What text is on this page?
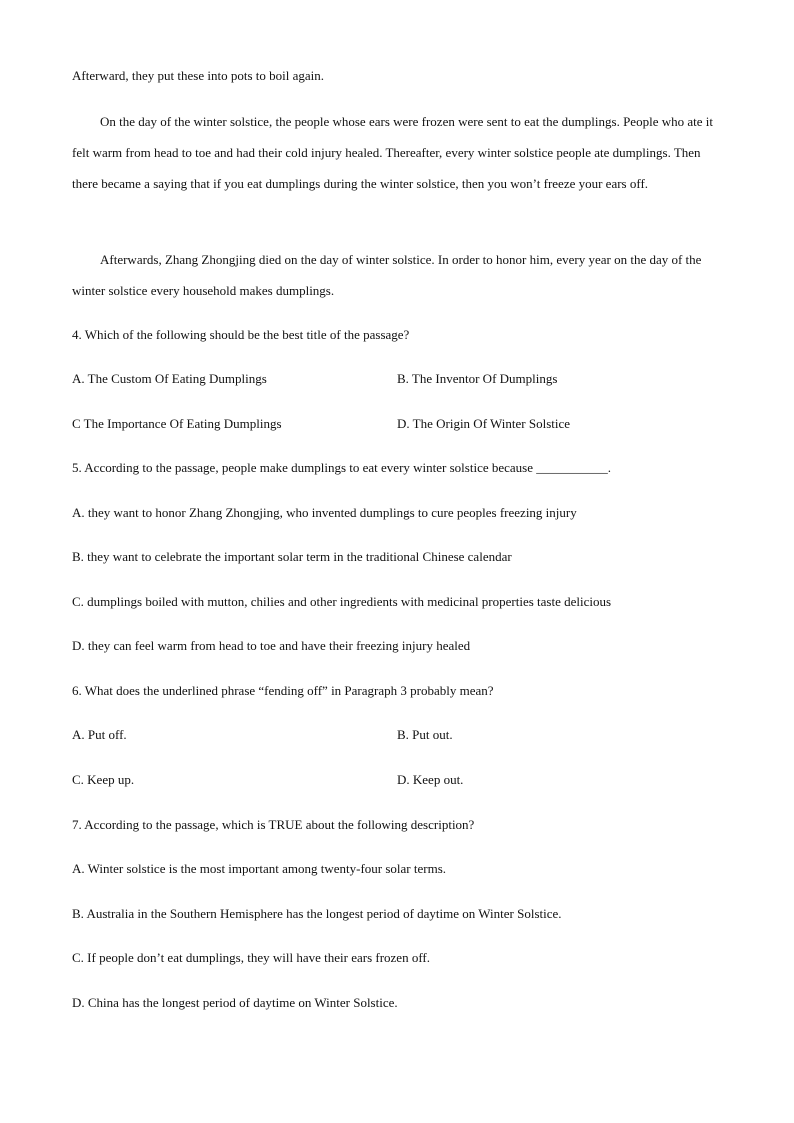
Afterward, they put these into pots to boil again.

On the day of the winter solstice, the people whose ears were frozen were sent to eat the dumplings. People who ate it felt warm from head to toe and had their cold injury healed. Thereafter, every winter solstice people ate dumplings. Then there became a saying that if you eat dumplings during the winter solstice, then you won’t freeze your ears off.

Afterwards, Zhang Zhongjing died on the day of winter solstice. In order to honor him, every year on the day of the winter solstice every household makes dumplings.

4. Which of the following should be the best title of the passage?

A. The Custom Of Eating Dumplings	B. The Inventor Of Dumplings

C The Importance Of Eating Dumplings	D. The Origin Of Winter Solstice

5. According to the passage, people make dumplings to eat every winter solstice because ___________.

A. they want to honor Zhang Zhongjing, who invented dumplings to cure peoples freezing injury

B. they want to celebrate the important solar term in the traditional Chinese calendar

C. dumplings boiled with mutton, chilies and other ingredients with medicinal properties taste delicious

D. they can feel warm from head to toe and have their freezing injury healed

6. What does the underlined phrase “fending off” in Paragraph 3 probably mean?

A. Put off.	B. Put out.

C. Keep up.	D. Keep out.

7. According to the passage, which is TRUE about the following description?

A. Winter solstice is the most important among twenty-four solar terms.

B. Australia in the Southern Hemisphere has the longest period of daytime on Winter Solstice.

C. If people don’t eat dumplings, they will have their ears frozen off.

D. China has the longest period of daytime on Winter Solstice.
